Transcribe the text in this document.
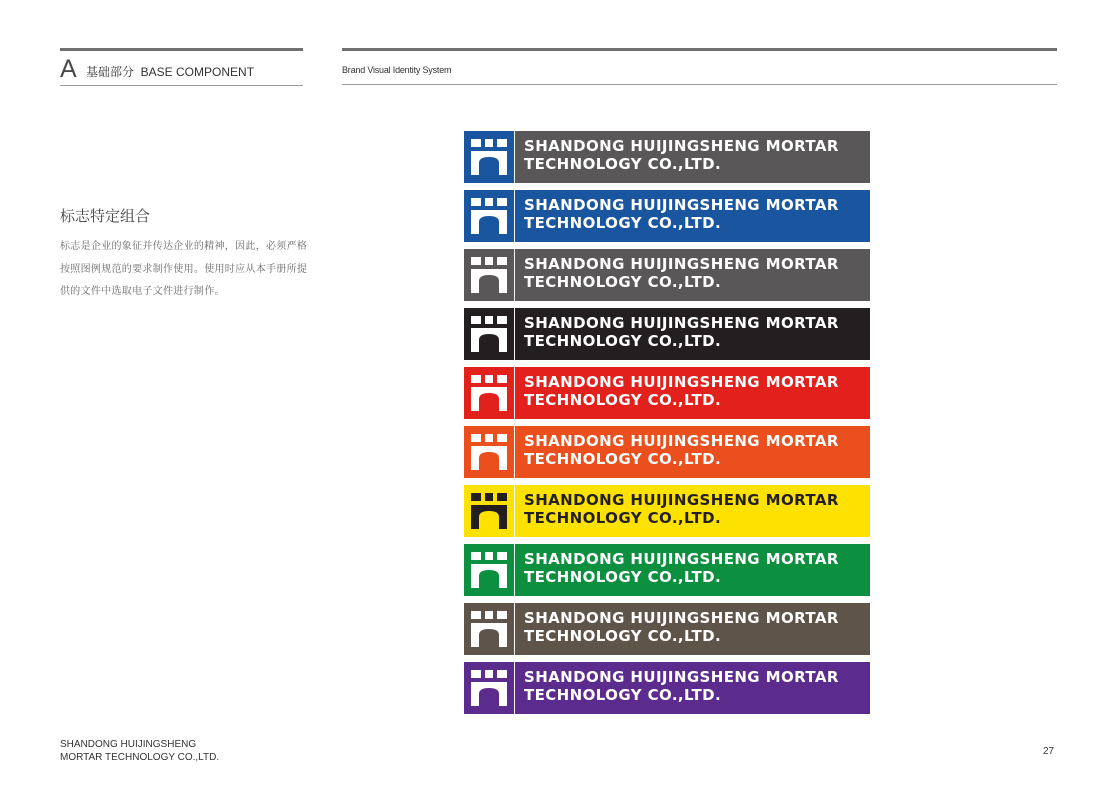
A 基础部分  BASE COMPONENT	Brand Visual Identity System
标志特定组合
标志是企业的象征并传达企业的精神，因此，必须严格按照图例规范的要求制作使用。使用时应从本手册所提供的文件中选取电子文件进行制作。
SHANDONG HUIJINGSHENG MORTAR
TECHNOLOGY CO.,LTD.
SHANDONG HUIJINGSHENG MORTAR
TECHNOLOGY CO.,LTD.
SHANDONG HUIJINGSHENG MORTAR
TECHNOLOGY CO.,LTD.
SHANDONG HUIJINGSHENG MORTAR
TECHNOLOGY CO.,LTD.
SHANDONG HUIJINGSHENG MORTAR
TECHNOLOGY CO.,LTD.
SHANDONG HUIJINGSHENG MORTAR
TECHNOLOGY CO.,LTD.
SHANDONG HUIJINGSHENG MORTAR
TECHNOLOGY CO.,LTD.
SHANDONG HUIJINGSHENG MORTAR
TECHNOLOGY CO.,LTD.
SHANDONG HUIJINGSHENG MORTAR
TECHNOLOGY CO.,LTD.
SHANDONG HUIJINGSHENG MORTAR
TECHNOLOGY CO.,LTD.
SHANDONG HUIJINGSHENG
MORTAR TECHNOLOGY CO.,LTD.
27
